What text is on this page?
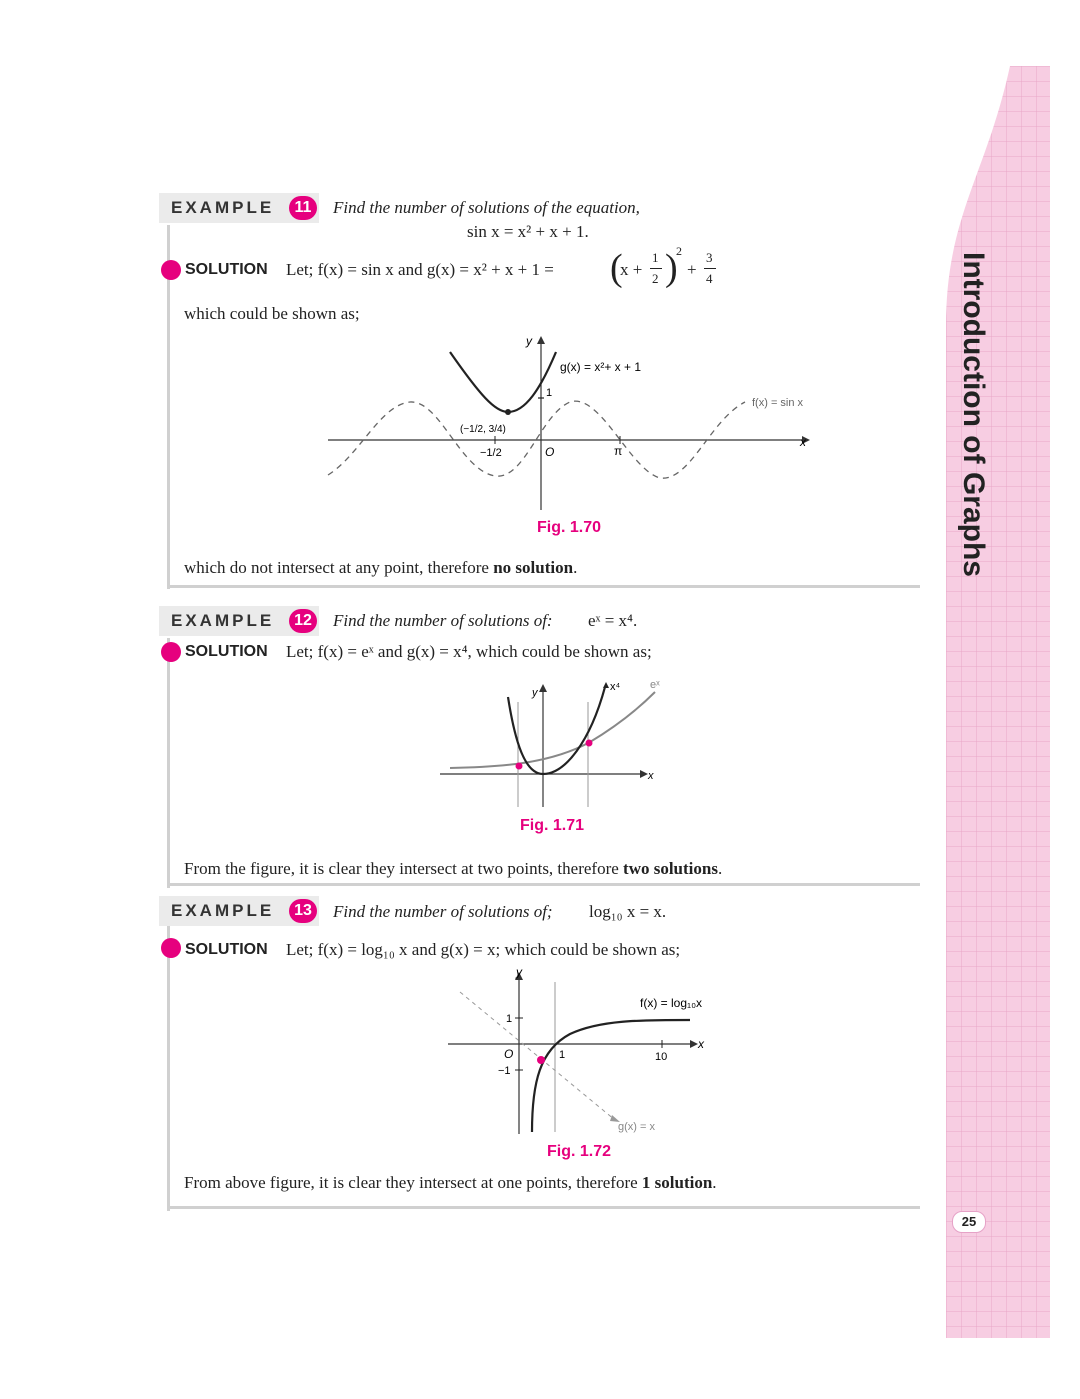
Introduction of Graphs
25
EXAMPLE	11	Find the number of solutions of the equation,
sin x = x² + x + 1.
SOLUTION Let; f(x) = sin x and g(x) = x² + x + 1 = (
x +
1
2 )
2
+
3
4
which could be shown as;
y
g(x) = x²+ x + 1
f(x) = sin x
x
1
O
−1/2	π
(−1/2, 3/4)
Fig. 1.70
which do not intersect at any point, therefore no solution.
EXAMPLE	12	Find the number of solutions of: eˣ = x⁴.
SOLUTION Let; f(x) = eˣ and g(x) = x⁴, which could be shown as;
y	x⁴	eˣ
x
Fig. 1.71
From the figure, it is clear they intersect at two points, therefore two solutions.
EXAMPLE	13	Find the number of solutions of; log₁₀ x = x.
SOLUTION Let; f(x) = log₁₀ x and g(x) = x; which could be shown as;
y
f(x) = log₁₀x
g(x) = x
x
1
−1
O	1	10
Fig. 1.72
From above figure, it is clear they intersect at one points, therefore 1 solution.
